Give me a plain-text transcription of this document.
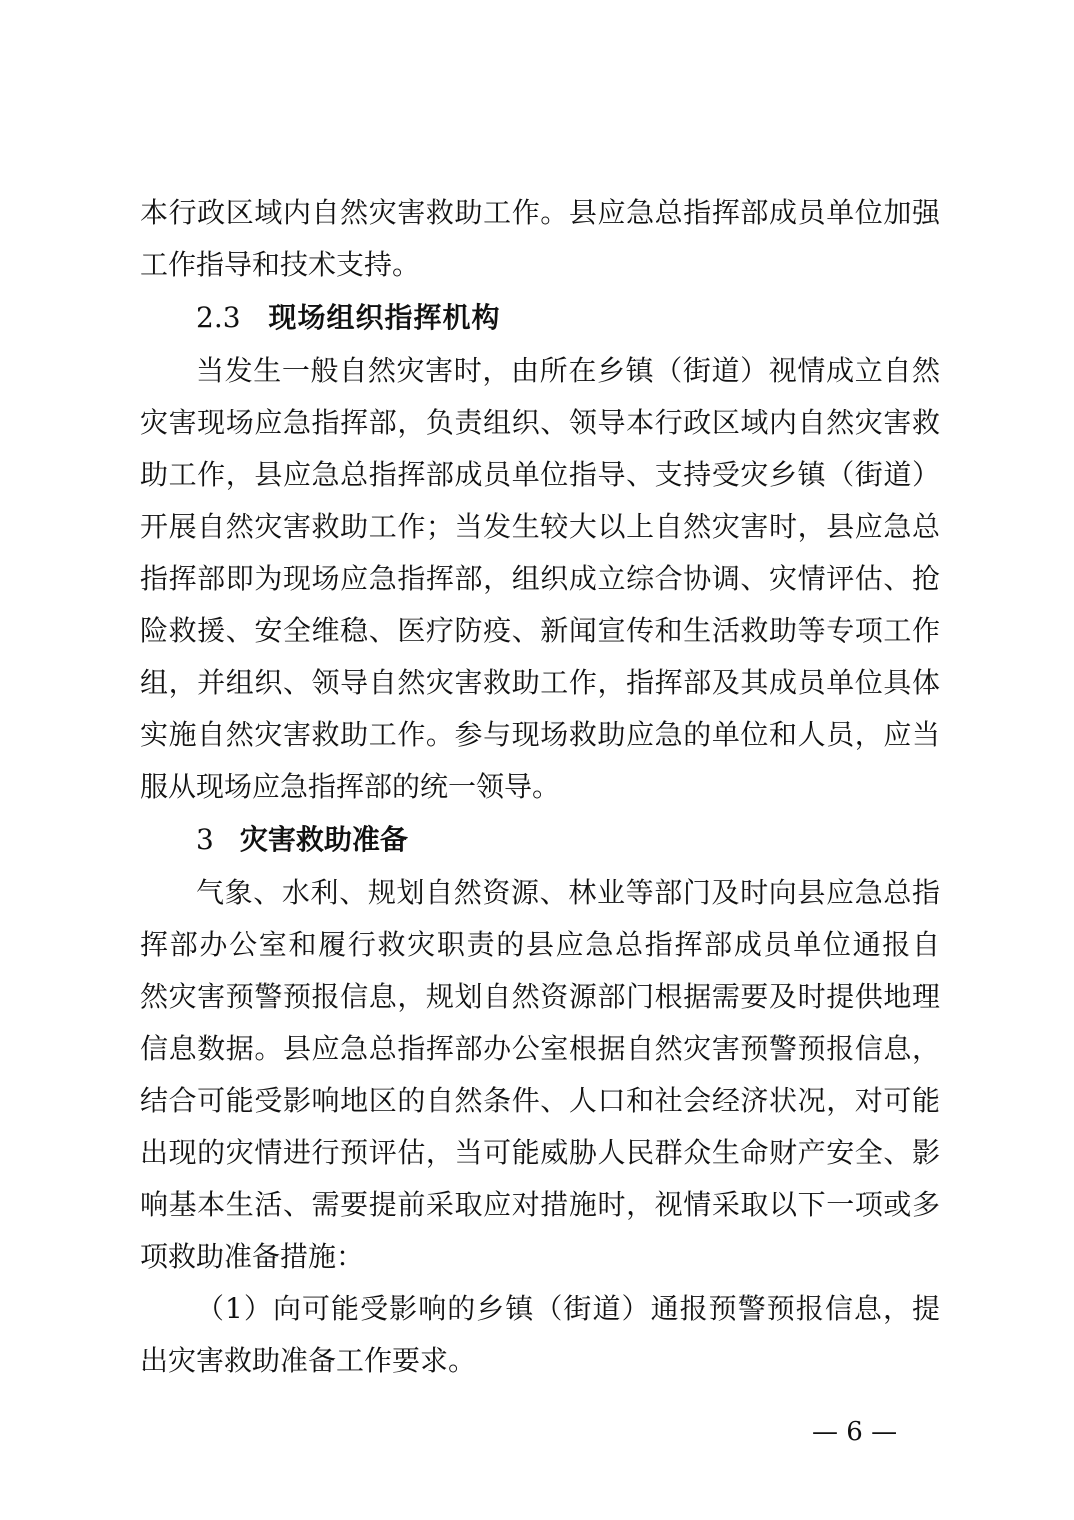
本行政区域内自然灾害救助工作。县应急总指挥部成员单位加强
工作指导和技术支持。
2.3 现场组织指挥机构
当发生一般自然灾害时，由所在乡镇（街道）视情成立自然
灾害现场应急指挥部，负责组织、领导本行政区域内自然灾害救
助工作，县应急总指挥部成员单位指导、支持受灾乡镇（街道）
开展自然灾害救助工作；当发生较大以上自然灾害时，县应急总
指挥部即为现场应急指挥部，组织成立综合协调、灾情评估、抢
险救援、安全维稳、医疗防疫、新闻宣传和生活救助等专项工作
组，并组织、领导自然灾害救助工作，指挥部及其成员单位具体
实施自然灾害救助工作。参与现场救助应急的单位和人员，应当
服从现场应急指挥部的统一领导。
3 灾害救助准备
气象、水利、规划自然资源、林业等部门及时向县应急总指
挥部办公室和履行救灾职责的县应急总指挥部成员单位通报自
然灾害预警预报信息，规划自然资源部门根据需要及时提供地理
信息数据。县应急总指挥部办公室根据自然灾害预警预报信息，
结合可能受影响地区的自然条件、人口和社会经济状况，对可能
出现的灾情进行预评估，当可能威胁人民群众生命财产安全、影
响基本生活、需要提前采取应对措施时，视情采取以下一项或多
项救助准备措施：
（1）向可能受影响的乡镇（街道）通报预警预报信息，提
出灾害救助准备工作要求。
— 6 —
